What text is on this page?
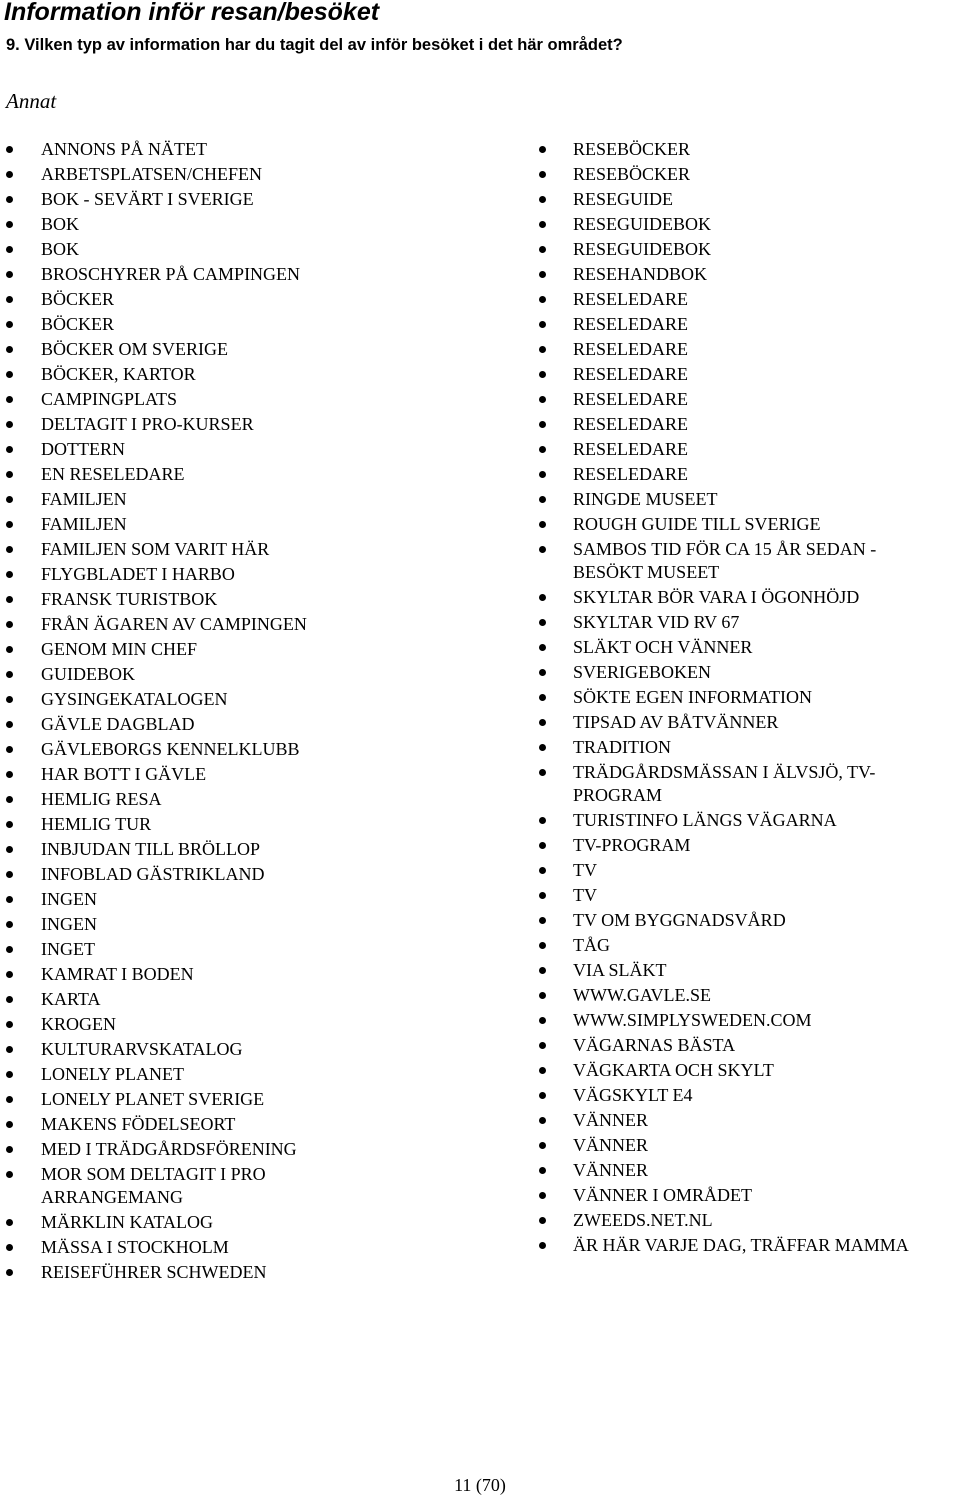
Information inför resan/besöket
9. Vilken typ av information har du tagit del av inför besöket i det här området?
Annat
ANNONS PÅ NÄTET
ARBETSPLATSEN/CHEFEN
BOK - SEVÄRT I SVERIGE
BOK
BOK
BROSCHYRER PÅ CAMPINGEN
BÖCKER
BÖCKER
BÖCKER OM SVERIGE
BÖCKER, KARTOR
CAMPINGPLATS
DELTAGIT I PRO-KURSER
DOTTERN
EN RESELEDARE
FAMILJEN
FAMILJEN
FAMILJEN SOM VARIT HÄR
FLYGBLADET I HARBO
FRANSK TURISTBOK
FRÅN ÄGAREN AV CAMPINGEN
GENOM MIN CHEF
GUIDEBOK
GYSINGEKATALOGEN
GÄVLE DAGBLAD
GÄVLEBORGS KENNELKLUBB
HAR BOTT I GÄVLE
HEMLIG RESA
HEMLIG TUR
INBJUDAN TILL BRÖLLOP
INFOBLAD GÄSTRIKLAND
INGEN
INGEN
INGET
KAMRAT I BODEN
KARTA
KROGEN
KULTURARVSKATALOG
LONELY PLANET
LONELY PLANET SVERIGE
MAKENS FÖDELSEORT
MED I TRÄDGÅRDSFÖRENING
MOR SOM DELTAGIT I PRO
ARRANGEMANG
MÄRKLIN KATALOG
MÄSSA I STOCKHOLM
REISEFÜHRER SCHWEDEN
RESEBÖCKER
RESEBÖCKER
RESEGUIDE
RESEGUIDEBOK
RESEGUIDEBOK
RESEHANDBOK
RESELEDARE
RESELEDARE
RESELEDARE
RESELEDARE
RESELEDARE
RESELEDARE
RESELEDARE
RESELEDARE
RINGDE MUSEET
ROUGH GUIDE TILL SVERIGE
SAMBOS TID FÖR CA 15 ÅR SEDAN -
BESÖKT MUSEET
SKYLTAR BÖR VARA I ÖGONHÖJD
SKYLTAR VID RV 67
SLÄKT OCH VÄNNER
SVERIGEBOKEN
SÖKTE EGEN INFORMATION
TIPSAD AV BÅTVÄNNER
TRADITION
TRÄDGÅRDSMÄSSAN I ÄLVSJÖ, TV-PROGRAM
TURISTINFO LÄNGS VÄGARNA
TV-PROGRAM
TV
TV
TV OM BYGGNADSVÅRD
TÅG
VIA SLÄKT
WWW.GAVLE.SE
WWW.SIMPLYSWEDEN.COM
VÄGARNAS BÄSTA
VÄGKARTA OCH SKYLT
VÄGSKYLT E4
VÄNNER
VÄNNER
VÄNNER
VÄNNER I OMRÅDET
ZWEEDS.NET.NL
ÄR HÄR VARJE DAG, TRÄFFAR MAMMA
11 (70)
